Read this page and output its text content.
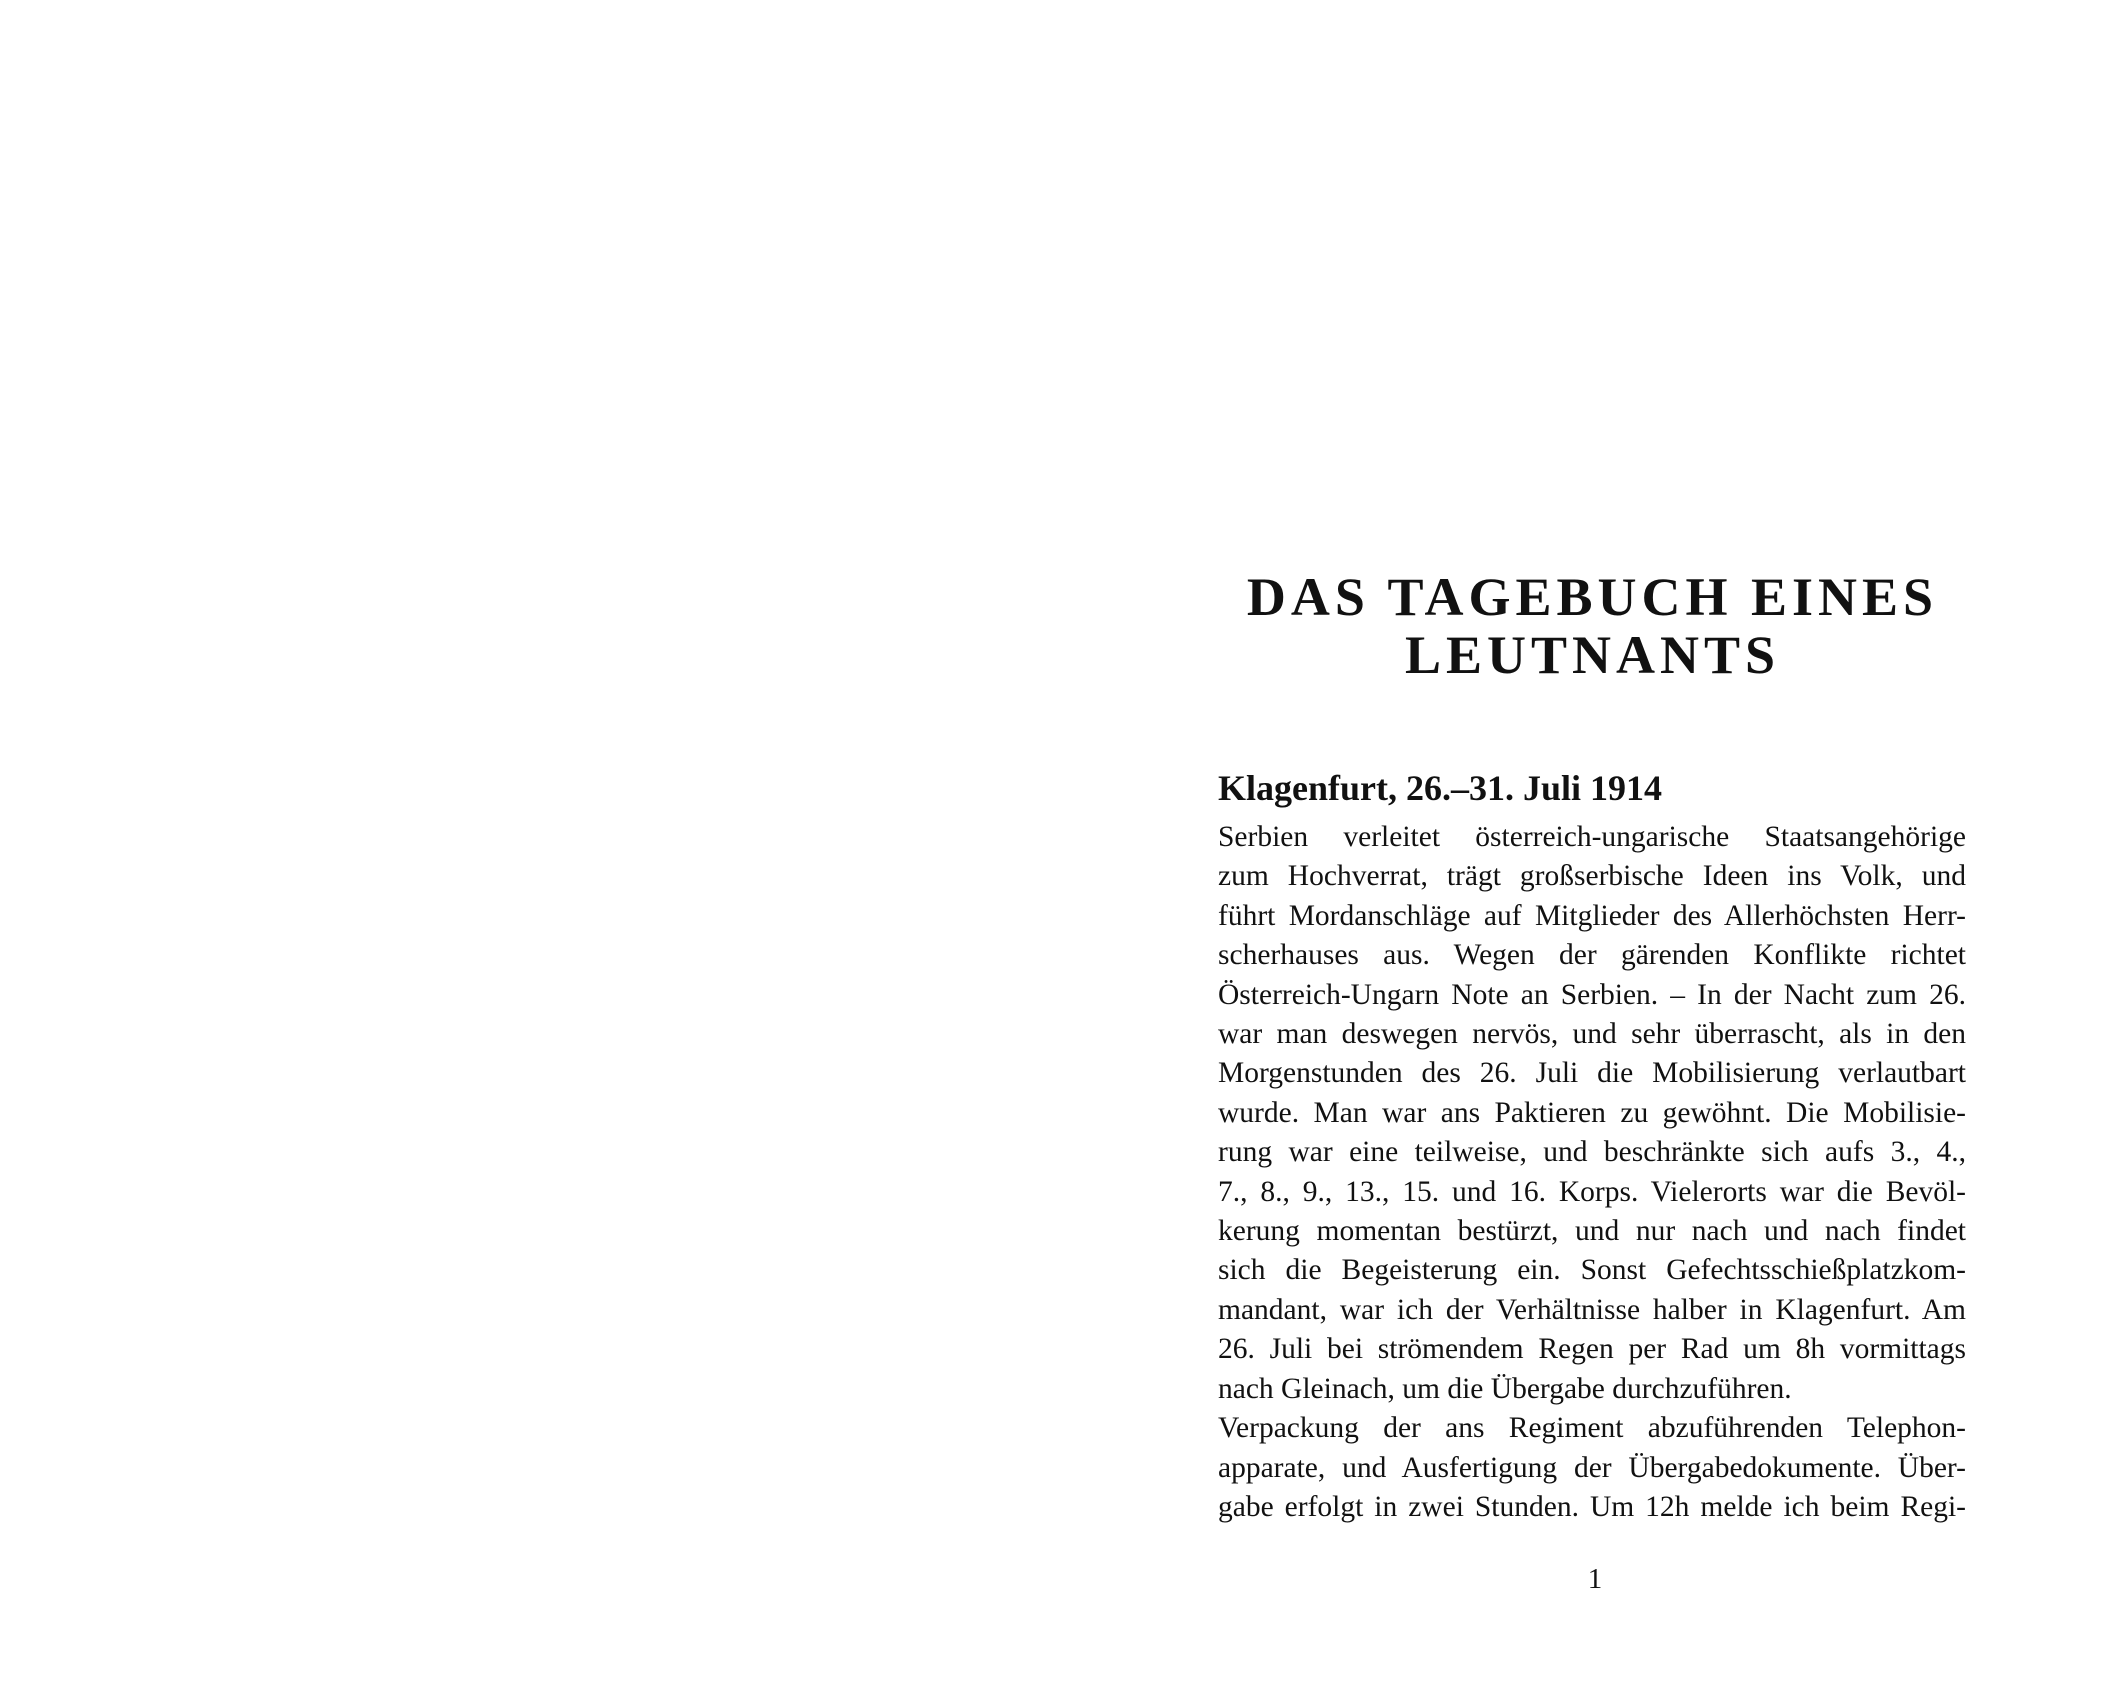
DAS TAGEBUCH EINES
LEUTNANTS
Klagenfurt, 26.–31. Juli 1914
Serbien verleitet österreich-ungarische Staatsangehörige
zum Hochverrat, trägt großserbische Ideen ins Volk, und
führt Mordanschläge auf Mitglieder des Allerhöchsten Herr-
scherhauses aus. Wegen der gärenden Konflikte richtet
Österreich-Ungarn Note an Serbien. – In der Nacht zum 26.
war man deswegen nervös, und sehr überrascht, als in den
Morgenstunden des 26. Juli die Mobilisierung verlautbart
wurde. Man war ans Paktieren zu gewöhnt. Die Mobilisie-
rung war eine teilweise, und beschränkte sich aufs 3., 4.,
7., 8., 9., 13., 15. und 16. Korps. Vielerorts war die Bevöl-
kerung momentan bestürzt, und nur nach und nach findet
sich die Begeisterung ein. Sonst Gefechtsschießplatzkom-
mandant, war ich der Verhältnisse halber in Klagenfurt. Am
26. Juli bei strömendem Regen per Rad um 8h vormittags
nach Gleinach, um die Übergabe durchzuführen.
Verpackung der ans Regiment abzuführenden Telephon-
apparate, und Ausfertigung der Übergabedokumente. Über-
gabe erfolgt in zwei Stunden. Um 12h melde ich beim Regi-
1
